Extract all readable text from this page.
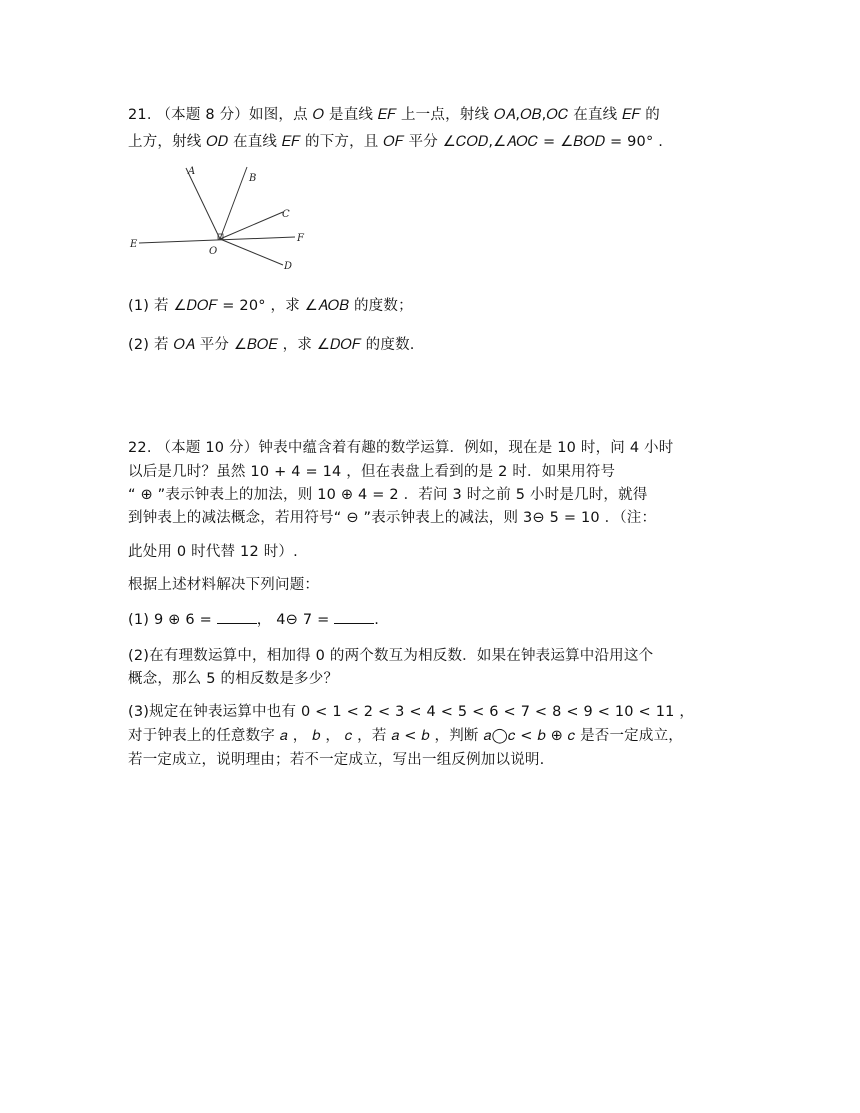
21. （本题 8 分）如图，点 𝑂 是直线 𝐸𝐹 上一点，射线 𝑂𝐴,𝑂𝐵,𝑂𝐶 在直线 𝐸𝐹 的
上方，射线 𝑂𝐷 在直线 𝐸𝐹 的下方，且 𝑂𝐹 平分 ∠𝐶𝑂𝐷,∠𝐴𝑂𝐶 = ∠𝐵𝑂𝐷 = 90° .
A
B
C
D
E
F
O
(1) 若 ∠𝐷𝑂𝐹 = 20° ，求 ∠𝐴𝑂𝐵 的度数；
(2) 若 𝑂𝐴 平分 ∠𝐵𝑂𝐸 ，求 ∠𝐷𝑂𝐹 的度数.
22. （本题 10 分）钟表中蕴含着有趣的数学运算．例如，现在是 10 时，问 4 小时
以后是几时？虽然 10 + 4 = 14 ，但在表盘上看到的是 2 时．如果用符号
“ ⊕ ”表示钟表上的加法，则 10 ⊕ 4 = 2 ．若问 3 时之前 5 小时是几时，就得
到钟表上的减法概念，若用符号“ ⊖ ”表示钟表上的减法，则 3⊖ 5 = 10 ．（注：
此处用 0 时代替 12 时）.
根据上述材料解决下列问题：
(1) 9 ⊕ 6 =	， 4⊖ 7 =	.
(2)在有理数运算中，相加得 0 的两个数互为相反数．如果在钟表运算中沿用这个
概念，那么 5 的相反数是多少？
(3)规定在钟表运算中也有 0 < 1 < 2 < 3 < 4 < 5 < 6 < 7 < 8 < 9 < 10 < 11 ，
对于钟表上的任意数字 𝑎 ， 𝑏 ， 𝑐 ，若 𝑎 < 𝑏 ，判断 𝑎◯𝑐 < 𝑏 ⊕ 𝑐 是否一定成立，
若一定成立，说明理由；若不一定成立，写出一组反例加以说明.
